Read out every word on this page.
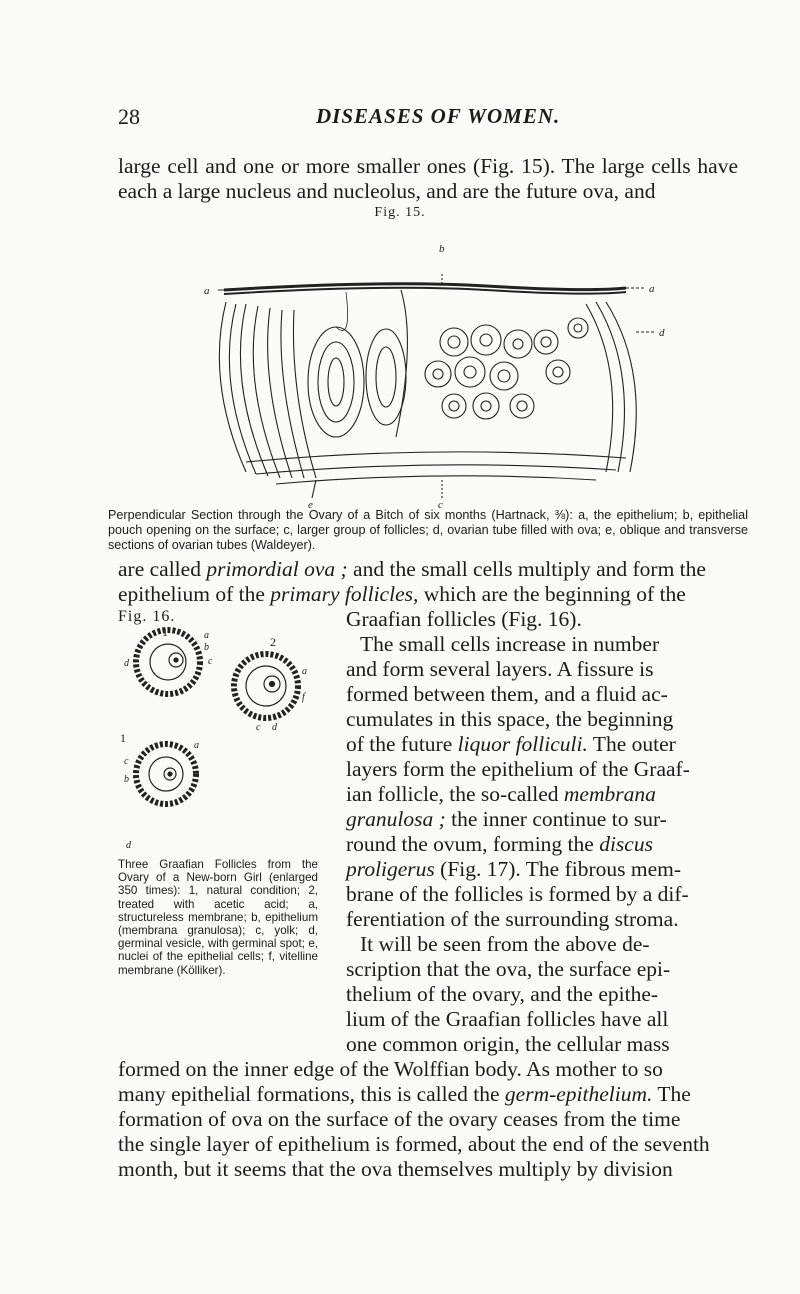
28	DISEASES OF WOMEN.
large cell and one or more smaller ones (Fig. 15). The large cells have each a large nucleus and nucleolus, and are the future ova, and
Fig. 15.
a
b
a
d
e	c
Perpendicular Section through the Ovary of a Bitch of six months (Hartnack, ⅜): a, the epithelium; b, epithelial pouch opening on the surface; c, larger group of follicles; d, ovarian tube filled with ova; e, oblique and transverse sections of ovarian tubes (Waldeyer).
are called primordial ova ; and the small cells multiply and form the
epithelium of the primary follicles, which are the beginning of the
Fig. 16.
1
2
1
a
b
c
d
a
f
c d
a
c
b
d
Three Graafian Follicles from the Ovary of a New-born Girl (enlarged 350 times): 1, natural condition; 2, treated with acetic acid; a, structureless membrane; b, epithelium (membrana granulosa); c, yolk; d, germinal vesicle, with germinal spot; e, nuclei of the epithelial cells; f, vitelline membrane (Kölliker).
Graafian follicles (Fig. 16).
The small cells increase in number
and form several layers. A fissure is
formed between them, and a fluid ac-
cumulates in this space, the beginning
of the future liquor folliculi. The outer
layers form the epithelium of the Graaf-
ian follicle, the so-called membrana
granulosa ; the inner continue to sur-
round the ovum, forming the discus
proligerus (Fig. 17). The fibrous mem-
brane of the follicles is formed by a dif-
ferentiation of the surrounding stroma.
It will be seen from the above de-
scription that the ova, the surface epi-
thelium of the ovary, and the epithe-
lium of the Graafian follicles have all
one common origin, the cellular mass
formed on the inner edge of the Wolffian body. As mother to so
many epithelial formations, this is called the germ-epithelium. The
formation of ova on the surface of the ovary ceases from the time
the single layer of epithelium is formed, about the end of the seventh
month, but it seems that the ova themselves multiply by division
